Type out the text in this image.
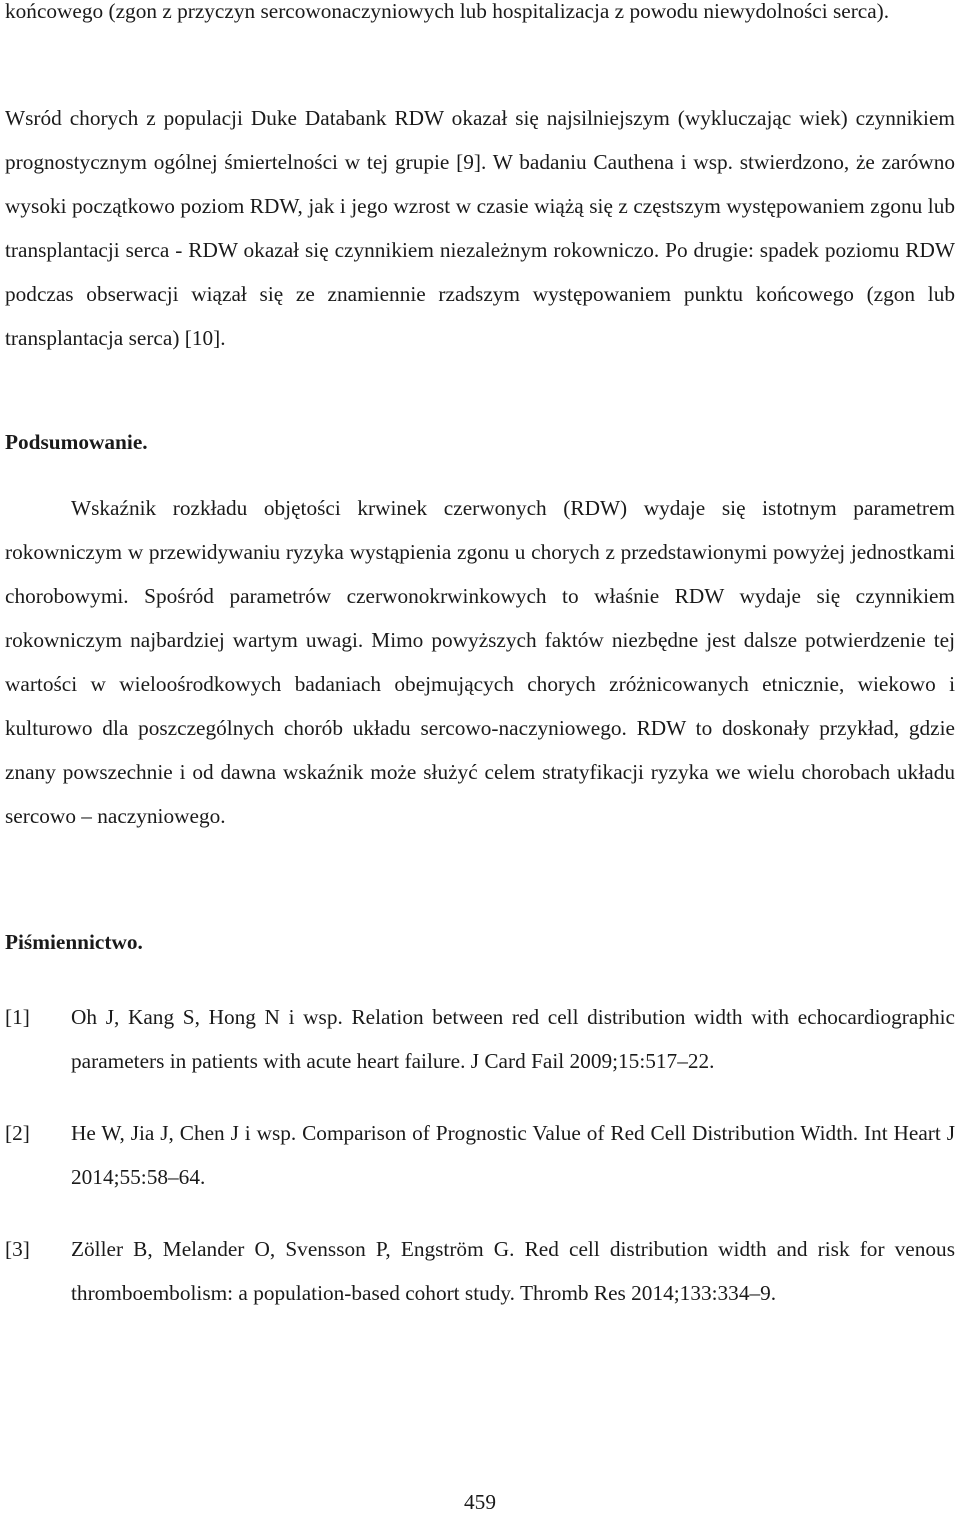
końcowego (zgon z przyczyn sercowonaczyniowych lub hospitalizacja z powodu niewydolności serca).

Wsród chorych z populacji Duke Databank RDW okazał się najsilniejszym (wykluczając wiek) czynnikiem prognostycznym ogólnej śmiertelności w tej grupie [9]. W badaniu Cauthena i wsp. stwierdzono, że zarówno wysoki początkowo poziom RDW, jak i jego wzrost w czasie wiążą się z częstszym występowaniem zgonu lub transplantacji serca - RDW okazał się czynnikiem niezależnym rokowniczo. Po drugie: spadek poziomu RDW podczas obserwacji wiązał się ze znamiennie rzadszym występowaniem punktu końcowego (zgon lub transplantacja serca) [10].

Podsumowanie.

Wskaźnik rozkładu objętości krwinek czerwonych (RDW) wydaje się istotnym parametrem rokowniczym w przewidywaniu ryzyka wystąpienia zgonu u chorych z przedstawionymi powyżej jednostkami chorobowymi. Spośród parametrów czerwonokrwinkowych to właśnie RDW wydaje się czynnikiem rokowniczym najbardziej wartym uwagi. Mimo powyższych faktów niezbędne jest dalsze potwierdzenie tej wartości w wieloośrodkowych badaniach obejmujących chorych zróżnicowanych etnicznie, wiekowo i kulturowo dla poszczególnych chorób układu sercowo-naczyniowego. RDW to doskonały przykład, gdzie znany powszechnie i od dawna wskaźnik może służyć celem stratyfikacji ryzyka we wielu chorobach układu sercowo – naczyniowego.

Piśmiennictwo.

[1]	Oh J, Kang S, Hong N i wsp. Relation between red cell distribution width with echocardiographic parameters in patients with acute heart failure. J Card Fail 2009;15:517–22.
[2]	He W, Jia J, Chen J i wsp. Comparison of Prognostic Value of Red Cell Distribution Width. Int Heart J 2014;55:58–64.
[3]	Zöller B, Melander O, Svensson P, Engström G. Red cell distribution width and risk for venous thromboembolism: a population-based cohort study. Thromb Res 2014;133:334–9.
459
